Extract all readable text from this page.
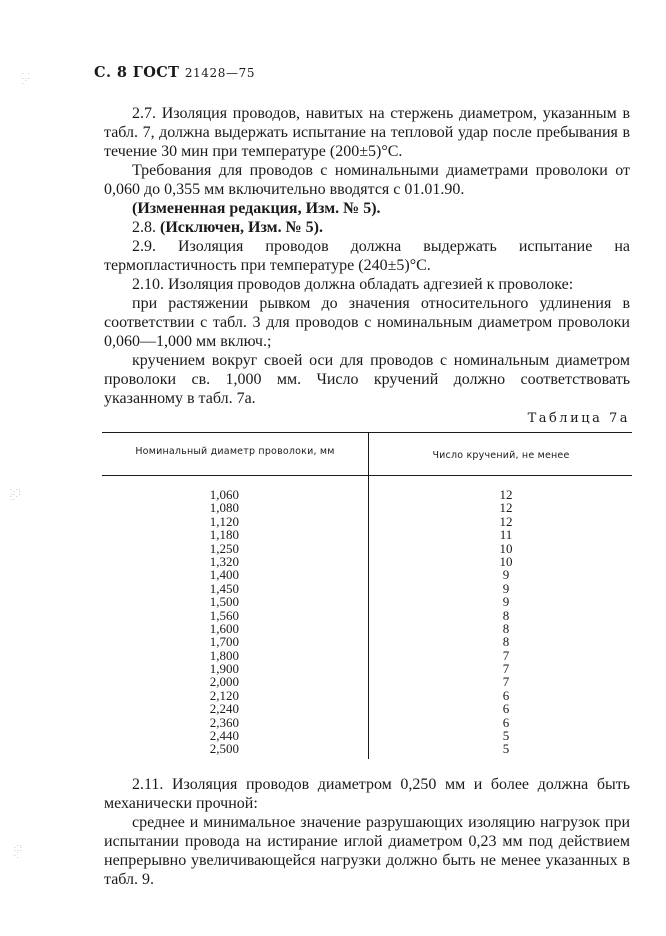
С. 8 ГОСТ 21428—75

2.7. Изоляция проводов, навитых на стержень диаметром, указанным в табл. 7, должна выдержать испытание на тепловой удар после пребывания в течение 30 мин при температуре (200±5)°С.

Требования для проводов с номинальными диаметрами проволоки от 0,060 до 0,355 мм включительно вводятся с 01.01.90.

(Измененная редакция, Изм. № 5).

2.8. (Исключен, Изм. № 5).

2.9. Изоляция проводов должна выдержать испытание на термопластичность при температуре (240±5)°С.

2.10. Изоляция проводов должна обладать адгезией к проволоке:

при растяжении рывком до значения относительного удлинения в соответствии с табл. 3 для проводов с номинальным диаметром проволоки 0,060—1,000 мм включ.;

кручением вокруг своей оси для проводов с номинальным диаметром проволоки св. 1,000 мм. Число кручений должно соответствовать указанному в табл. 7а.

Таблица 7а
Номинальный диаметр проволоки, мм	Число кручений, не менее
1,060	12
1,080	12
1,120	12
1,180	11
1,250	10
1,320	10
1,400	9
1,450	9
1,500	9
1,560	8
1,600	8
1,700	8
1,800	7
1,900	7
2,000	7
2,120	6
2,240	6
2,360	6
2,440	5
2,500	5

2.11. Изоляция проводов диаметром 0,250 мм и более должна быть механически прочной:

среднее и минимальное значение разрушающих изоляцию нагрузок при испытании провода на истирание иглой диаметром 0,23 мм под действием непрерывно увеличивающейся нагрузки должно быть не менее указанных в табл. 9.

· ·
·:·
·
·.·:
:·.·
··
.·:
·:·
·.
